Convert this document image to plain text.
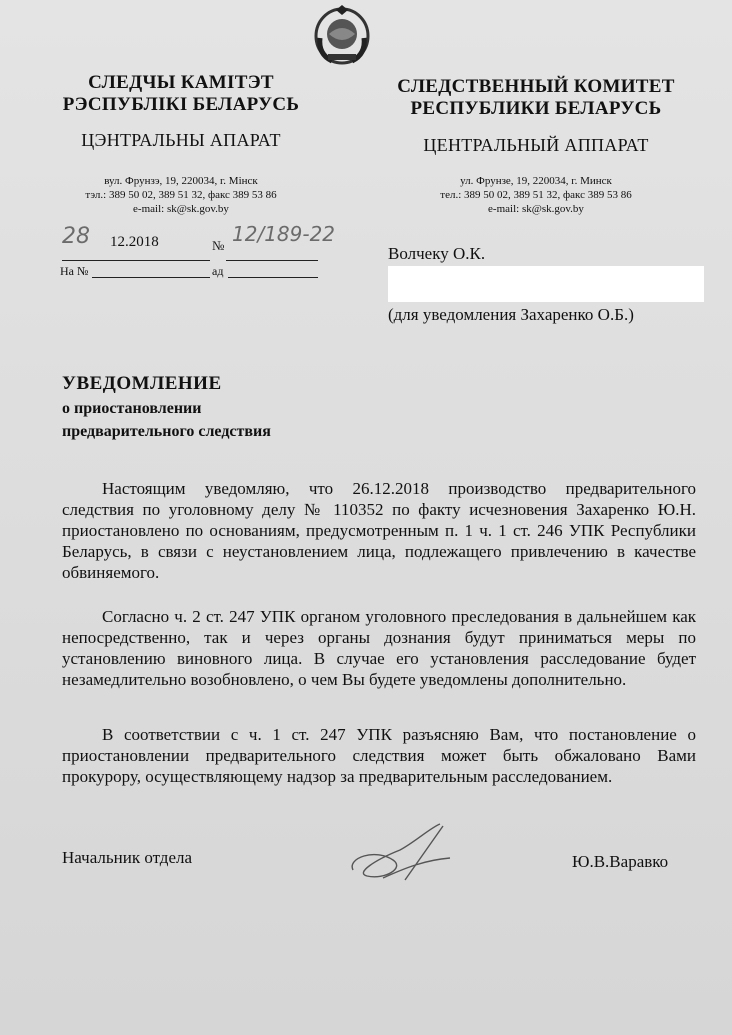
СЛЕДЧЫ КАМІТЭТ
РЭСПУБЛІКІ БЕЛАРУСЬ
ЦЭНТРАЛЬНЫ АПАРАТ
вул. Фрунзэ, 19, 220034, г. Мінск
тэл.: 389 50 02, 389 51 32, факс 389 53 86
e-mail: sk@sk.gov.by
СЛЕДСТВЕННЫЙ КОМИТЕТ
РЕСПУБЛИКИ БЕЛАРУСЬ
ЦЕНТРАЛЬНЫЙ АППАРАТ
ул. Фрунзе, 19, 220034, г. Минск
тел.: 389 50 02, 389 51 32, факс 389 53 86
e-mail: sk@sk.gov.by
28 12.2018	№ 12/189-22
На №	ад
Волчеку О.К.
(для уведомления Захаренко О.Б.)
УВЕДОМЛЕНИЕ
о приостановлении
предварительного следствия
Настоящим уведомляю, что 26.12.2018 производство предварительного следствия по уголовному делу № 110352 по факту исчезновения Захаренко Ю.Н. приостановлено по основаниям, предусмотренным п. 1 ч. 1 ст. 246 УПК Республики Беларусь, в связи с неустановлением лица, подлежащего привлечению в качестве обвиняемого.
Согласно ч. 2 ст. 247 УПК органом уголовного преследования в дальнейшем как непосредственно, так и через органы дознания будут приниматься меры по установлению виновного лица. В случае его установления расследование будет незамедлительно возобновлено, о чем Вы будете уведомлены дополнительно.
В соответствии с ч. 1 ст. 247 УПК разъясняю Вам, что постановление о приостановлении предварительного следствия может быть обжаловано Вами прокурору, осуществляющему надзор за предварительным расследованием.
Начальник отдела	Ю.В.Варавко
